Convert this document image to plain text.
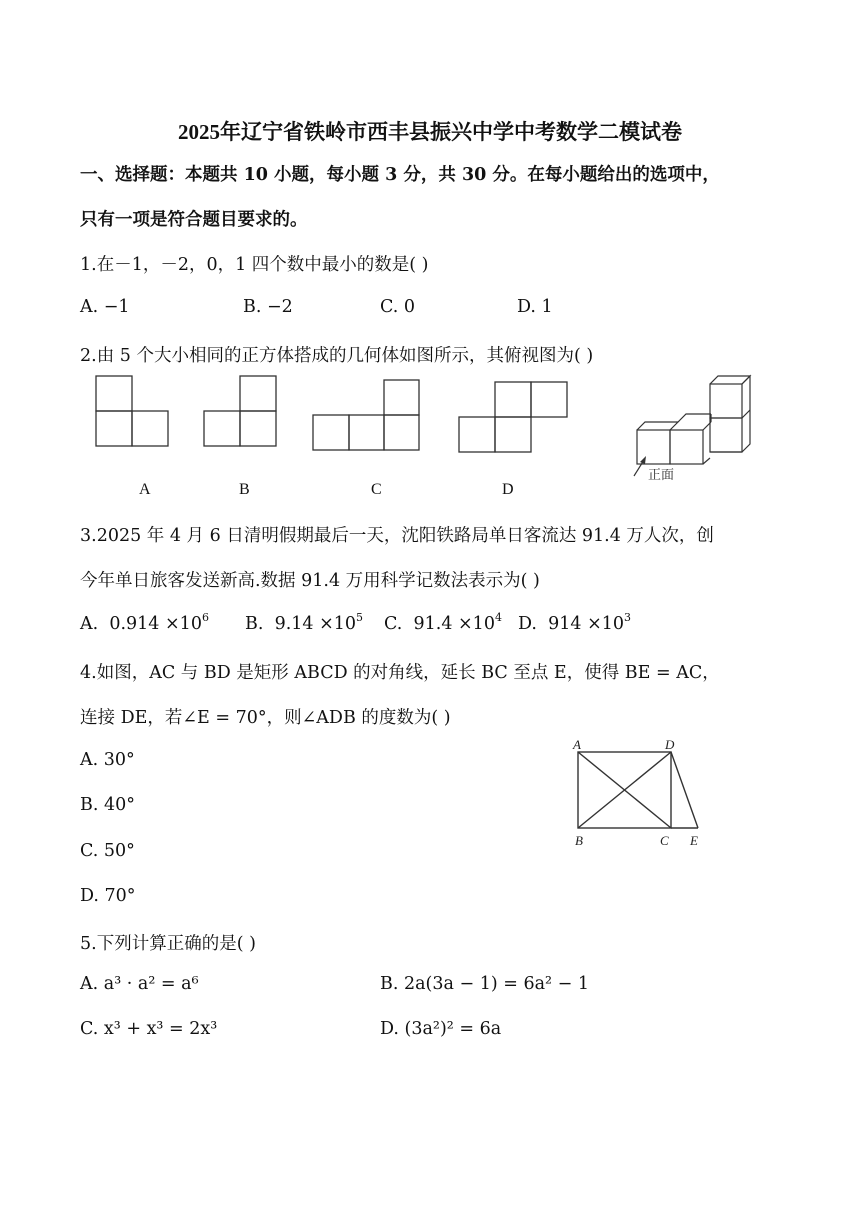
2025年辽宁省铁岭市西丰县振兴中学中考数学二模试卷
一、选择题：本题共 10 小题，每小题 3 分，共 30 分。在每小题给出的选项中，
只有一项是符合题目要求的。
1.在－1，－2，0，1 四个数中最小的数是( )
A. −1	B. −2	C. 0	D. 1
2.由 5 个大小相同的正方体搭成的几何体如图所示，其俯视图为( )
正面
A	B	C	D
3.2025 年 4 月 6 日清明假期最后一天，沈阳铁路局单日客流达 91.4 万人次，创
今年单日旅客发送新高.数据 91.4 万用科学记数法表示为( )
A. $0.914 \times 10^6$ B. $9.14 \times 10^5$ C. $91.4 \times 10^4$ D. $914 \times 10^3$
4.如图，AC 与 BD 是矩形 ABCD 的对角线，延长 BC 至点 E，使得 BE = AC，
连接 DE，若∠E = 70°，则∠ADB 的度数为( )
A. 30°
B. 40°
C. 50°
D. 70°
A	D
B	C E
5.下列计算正确的是( )
A. a³ · a² = a⁶	B. 2a(3a − 1) = 6a² − 1
C. x³ + x³ = 2x³	D. (3a²)² = 6a
